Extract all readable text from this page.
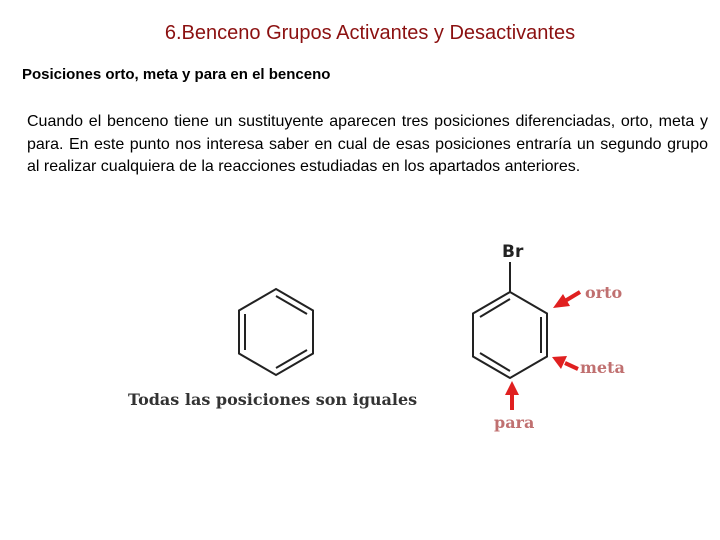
6.Benceno Grupos Activantes y Desactivantes
Posiciones orto, meta y para en el benceno
Cuando el benceno tiene un sustituyente aparecen tres posiciones diferenciadas, orto, meta y para. En este punto nos interesa saber en cual de esas posiciones entraría un segundo grupo al realizar cualquiera de la reacciones estudiadas en los apartados anteriores.
Todas las posiciones son iguales
Br
orto
meta
para
